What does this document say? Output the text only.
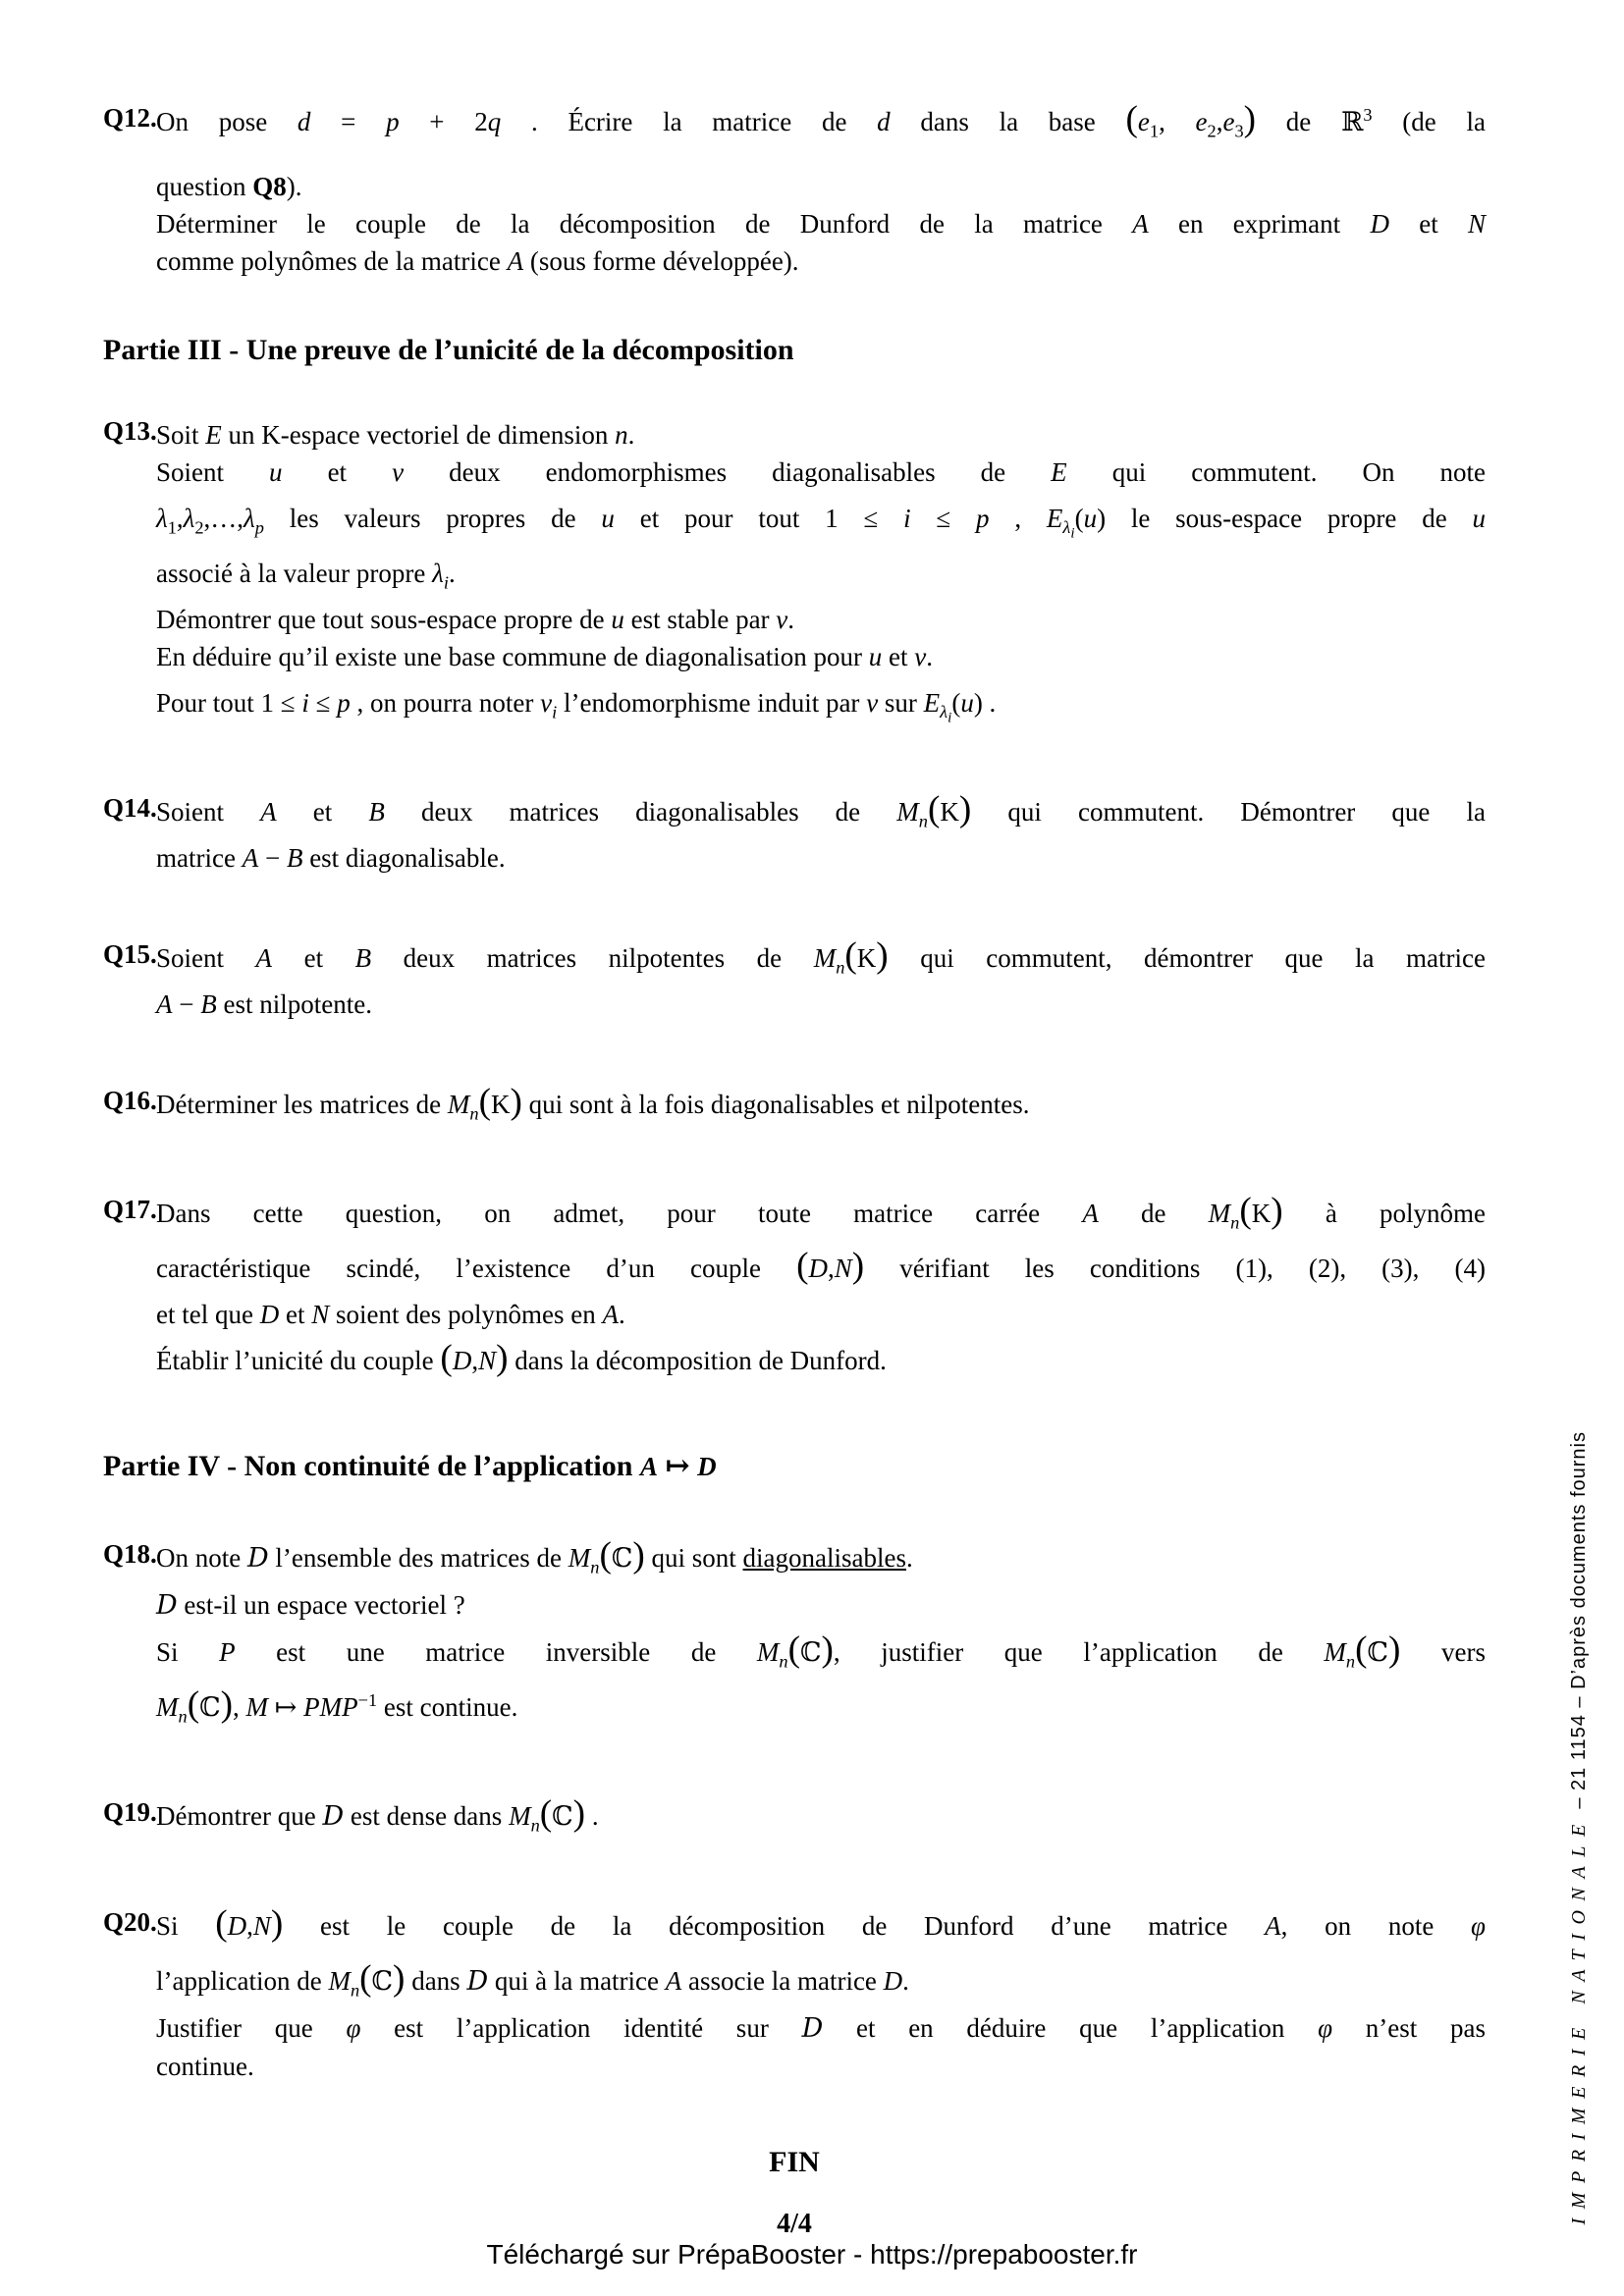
Q12. On pose d = p + 2q . Écrire la matrice de d dans la base ($e_1$, $e_2,e_3$) de ℝ$^3$ (de la
question Q8).
Déterminer le couple de la décomposition de Dunford de la matrice A en exprimant D et N
comme polynômes de la matrice A (sous forme développée).
Partie III - Une preuve de l’unicité de la décomposition
Q13. Soit E un K-espace vectoriel de dimension n.
Soient u et v deux endomorphismes diagonalisables de E qui commutent. On note
$\lambda_1,\lambda_2,\dots,\lambda_p$ les valeurs propres de u et pour tout 1 ≤ i ≤ p , $E_{\lambda_i}(u)$ le sous-espace propre de u
associé à la valeur propre $\lambda_i$.
Démontrer que tout sous-espace propre de u est stable par v.
En déduire qu’il existe une base commune de diagonalisation pour u et v.
Pour tout 1 ≤ i ≤ p , on pourra noter $v_i$ l’endomorphisme induit par v sur $E_{\lambda_i}(u)$ .
Q14. Soient A et B deux matrices diagonalisables de $M_n(K)$ qui commutent. Démontrer que la
matrice A − B est diagonalisable.
Q15. Soient A et B deux matrices nilpotentes de $M_n(K)$ qui commutent, démontrer que la matrice
A − B est nilpotente.
Q16. Déterminer les matrices de $M_n(K)$ qui sont à la fois diagonalisables et nilpotentes.
Q17. Dans cette question, on admet, pour toute matrice carrée A de $M_n(K)$ à polynôme
caractéristique scindé, l’existence d’un couple (D,N) vérifiant les conditions (1), (2), (3), (4)
et tel que D et N soient des polynômes en A.
Établir l’unicité du couple (D,N) dans la décomposition de Dunford.
Partie IV - Non continuité de l’application A ↦ D
Q18. On note D l’ensemble des matrices de $M_n(ℂ)$ qui sont diagonalisables.
D est-il un espace vectoriel ?
Si P est une matrice inversible de $M_n(ℂ)$, justifier que l’application de $M_n(ℂ)$ vers
$M_n(ℂ)$, M ↦ $PMP^{-1}$ est continue.
Q19. Démontrer que D est dense dans $M_n(ℂ)$ .
Q20. Si (D,N) est le couple de la décomposition de Dunford d’une matrice A, on note φ
l’application de $M_n(ℂ)$ dans D qui à la matrice A associe la matrice D.
Justifier que φ est l’application identité sur D et en déduire que l’application φ n’est pas
continue.
FIN
4/4	IMPRIMERIE NATIONALE – 21 1154 – D’après documents fournis
Téléchargé sur PrépaBooster - https://prepabooster.fr
